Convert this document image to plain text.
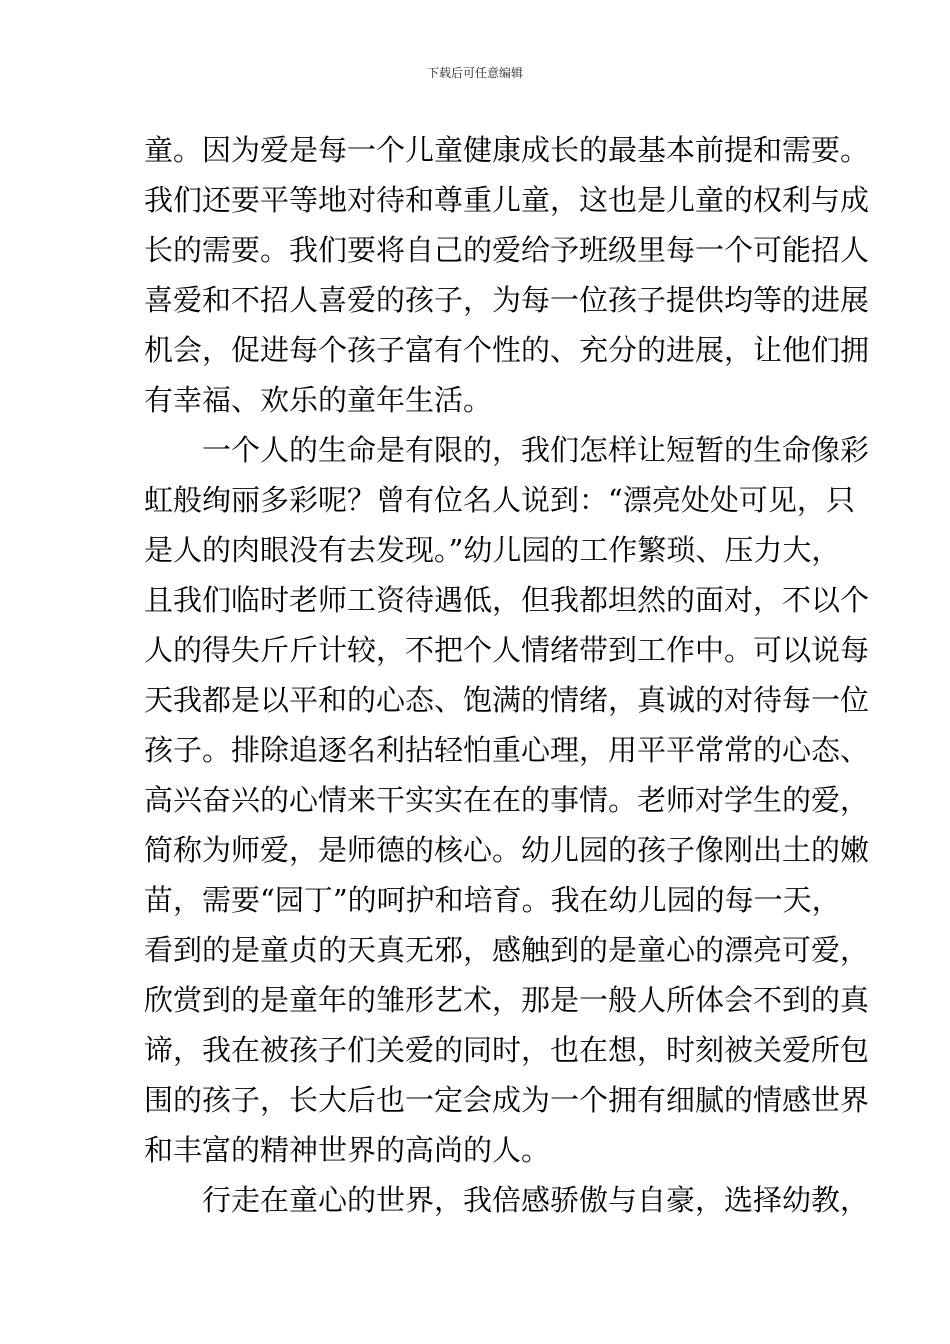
下载后可任意编辑
童。因为爱是每一个儿童健康成长的最基本前提和需要。
我们还要平等地对待和尊重儿童，这也是儿童的权利与成
长的需要。我们要将自己的爱给予班级里每一个可能招人
喜爱和不招人喜爱的孩子，为每一位孩子提供均等的进展
机会，促进每个孩子富有个性的、充分的进展，让他们拥
有幸福、欢乐的童年生活。
一个人的生命是有限的，我们怎样让短暂的生命像彩
虹般绚丽多彩呢？曾有位名人说到：“漂亮处处可见，只
是人的肉眼没有去发现。”幼儿园的工作繁琐、压力大，
且我们临时老师工资待遇低，但我都坦然的面对，不以个
人的得失斤斤计较，不把个人情绪带到工作中。可以说每
天我都是以平和的心态、饱满的情绪，真诚的对待每一位
孩子。排除追逐名利拈轻怕重心理，用平平常常的心态、
高兴奋兴的心情来干实实在在的事情。老师对学生的爱，
简称为师爱，是师德的核心。幼儿园的孩子像刚出土的嫩
苗，需要“园丁”的呵护和培育。我在幼儿园的每一天，
看到的是童贞的天真无邪，感触到的是童心的漂亮可爱，
欣赏到的是童年的雏形艺术，那是一般人所体会不到的真
谛，我在被孩子们关爱的同时，也在想，时刻被关爱所包
围的孩子，长大后也一定会成为一个拥有细腻的情感世界
和丰富的精神世界的高尚的人。
行走在童心的世界，我倍感骄傲与自豪，选择幼教，
